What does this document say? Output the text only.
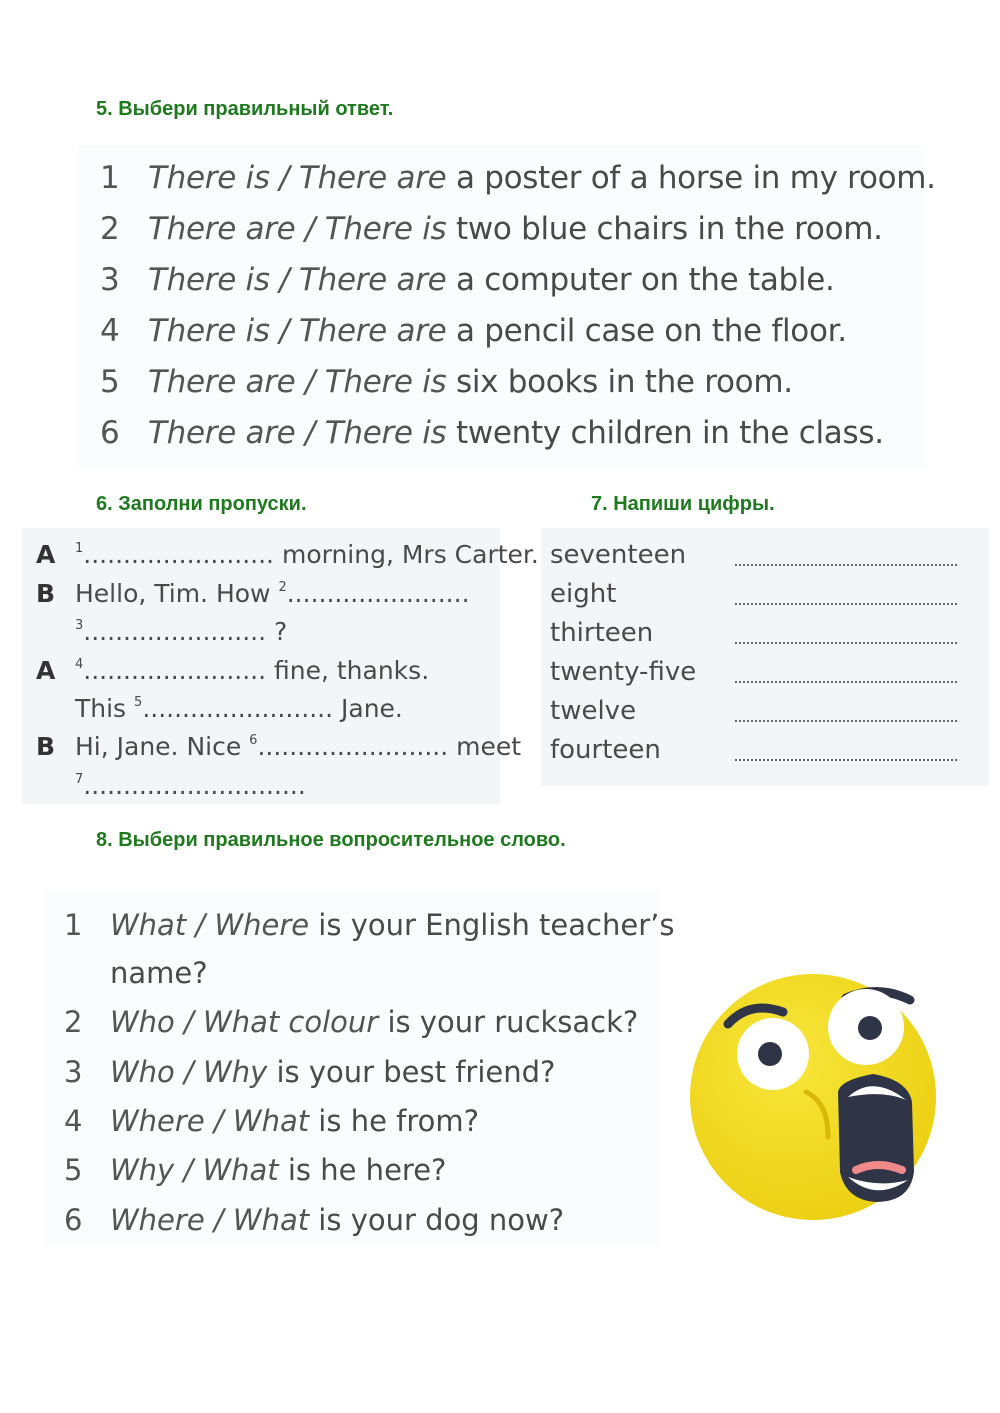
5. Выбери правильный ответ.
1 There is / There are a poster of a horse in my room.
2 There are / There is two blue chairs in the room.
3 There is / There are a computer on the table.
4 There is / There are a pencil case on the floor.
5 There are / There is six books in the room.
6 There are / There is twenty children in the class.
6. Заполни пропуски.
A
B
A
B
$^1$........................ morning, Mrs Carter.
Hello, Tim. How $^2$.......................
$^3$....................... ?
$^4$....................... fine, thanks.
This $^5$........................ Jane.
Hi, Jane. Nice $^6$........................ meet
$^7$............................
7. Напиши цифры.
seventeen
eight
thirteen
twenty-five
twelve
fourteen
8. Выбери правильное вопросительное слово.
1 What / Where is your English teacher’s
name?
2 Who / What colour is your rucksack?
3 Who / Why is your best friend?
4 Where / What is he from?
5 Why / What is he here?
6 Where / What is your dog now?
